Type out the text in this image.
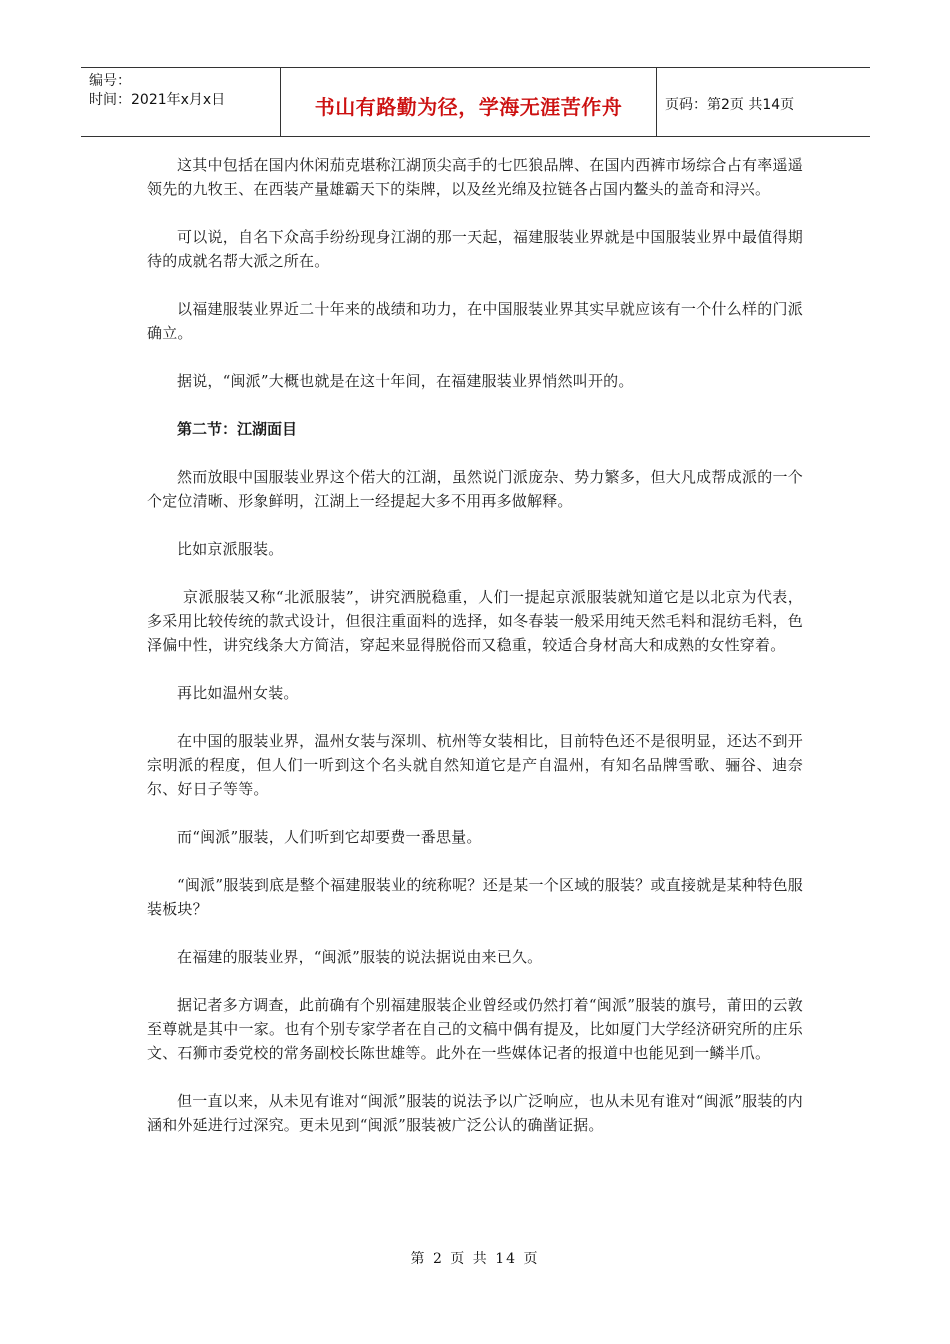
编号：
时间：2021年x月x日	书山有路勤为径，学海无涯苦作舟	页码：第2页 共14页

这其中包括在国内休闲茄克堪称江湖顶尖高手的七匹狼品牌、在国内西裤市场综合占有率遥遥领先的九牧王、在西装产量雄霸天下的柒牌，以及丝光绵及拉链各占国内鳌头的盖奇和浔兴。

可以说，自名下众高手纷纷现身江湖的那一天起，福建服装业界就是中国服装业界中最值得期待的成就名帮大派之所在。

以福建服装业界近二十年来的战绩和功力，在中国服装业界其实早就应该有一个什么样的门派确立。

据说，“闽派”大概也就是在这十年间，在福建服装业界悄然叫开的。

第二节：江湖面目

然而放眼中国服装业界这个偌大的江湖，虽然说门派庞杂、势力繁多，但大凡成帮成派的一个个定位清晰、形象鲜明，江湖上一经提起大多不用再多做解释。

比如京派服装。

京派服装又称“北派服装”，讲究洒脱稳重，人们一提起京派服装就知道它是以北京为代表，多采用比较传统的款式设计，但很注重面料的选择，如冬春装一般采用纯天然毛料和混纺毛料，色泽偏中性，讲究线条大方简洁，穿起来显得脱俗而又稳重，较适合身材高大和成熟的女性穿着。

再比如温州女装。

在中国的服装业界，温州女装与深圳、杭州等女装相比，目前特色还不是很明显，还达不到开宗明派的程度，但人们一听到这个名头就自然知道它是产自温州，有知名品牌雪歌、骊谷、迪奈尔、好日子等等。

而“闽派”服装，人们听到它却要费一番思量。

“闽派”服装到底是整个福建服装业的统称呢？还是某一个区域的服装？或直接就是某种特色服装板块？

在福建的服装业界，“闽派”服装的说法据说由来已久。

据记者多方调查，此前确有个别福建服装企业曾经或仍然打着“闽派”服装的旗号，莆田的云敦至尊就是其中一家。也有个别专家学者在自己的文稿中偶有提及，比如厦门大学经济研究所的庄乐文、石狮市委党校的常务副校长陈世雄等。此外在一些媒体记者的报道中也能见到一鳞半爪。

但一直以来，从未见有谁对“闽派”服装的说法予以广泛响应，也从未见有谁对“闽派”服装的内涵和外延进行过深究。更未见到“闽派”服装被广泛公认的确凿证据。

第 2 页 共 14 页
